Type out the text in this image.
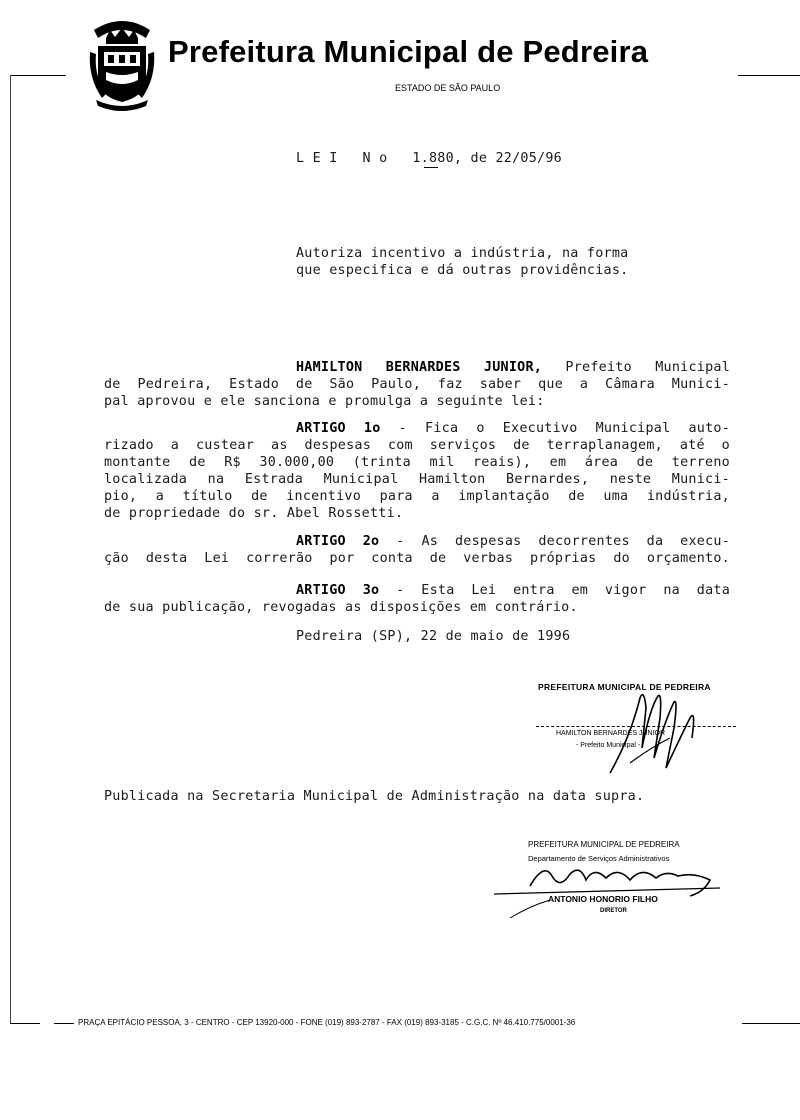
Prefeitura Municipal de Pedreira
ESTADO DE SÃO PAULO
L E I   N o   1.880, de 22/05/96
Autoriza incentivo a indústria, na forma
que especifica e dá outras providências.
HAMILTON BERNARDES JUNIOR, Prefeito Municipal
de Pedreira, Estado de São Paulo, faz saber que a Câmara Munici-
pal aprovou e ele sanciona e promulga a seguinte lei:
ARTIGO 1o - Fica o Executivo Municipal auto-
rizado a custear as despesas com serviços de terraplanagem, até o
montante de R$ 30.000,00 (trinta mil reais), em área de terreno
localizada na Estrada Municipal Hamilton Bernardes, neste Munici-
pio, a título de incentivo para a implantação de uma indústria,
de propriedade do sr. Abel Rossetti.
ARTIGO 2o - As despesas decorrentes da execu-
ção desta Lei correrão por conta de verbas próprias do orçamento.
ARTIGO 3o - Esta Lei entra em vigor na data
de sua publicação, revogadas as disposições em contrário.
Pedreira (SP), 22 de maio de 1996
PREFEITURA MUNICIPAL DE PEDREIRA
HAMILTON BERNARDES JUNIOR
- Prefeito Municipal -
Publicada na Secretaria Municipal de Administração na data supra.
PREFEITURA MUNICIPAL DE PEDREIRA
Departamento de Serviços Administrativos
ANTONIO HONORIO FILHO
DIRETOR
PRAÇA EPITÁCIO PESSOA, 3 - CENTRO - CEP 13920-000 - FONE (019) 893-2787 - FAX (019) 893-3185 - C.G.C. Nº 46.410.775/0001-36
